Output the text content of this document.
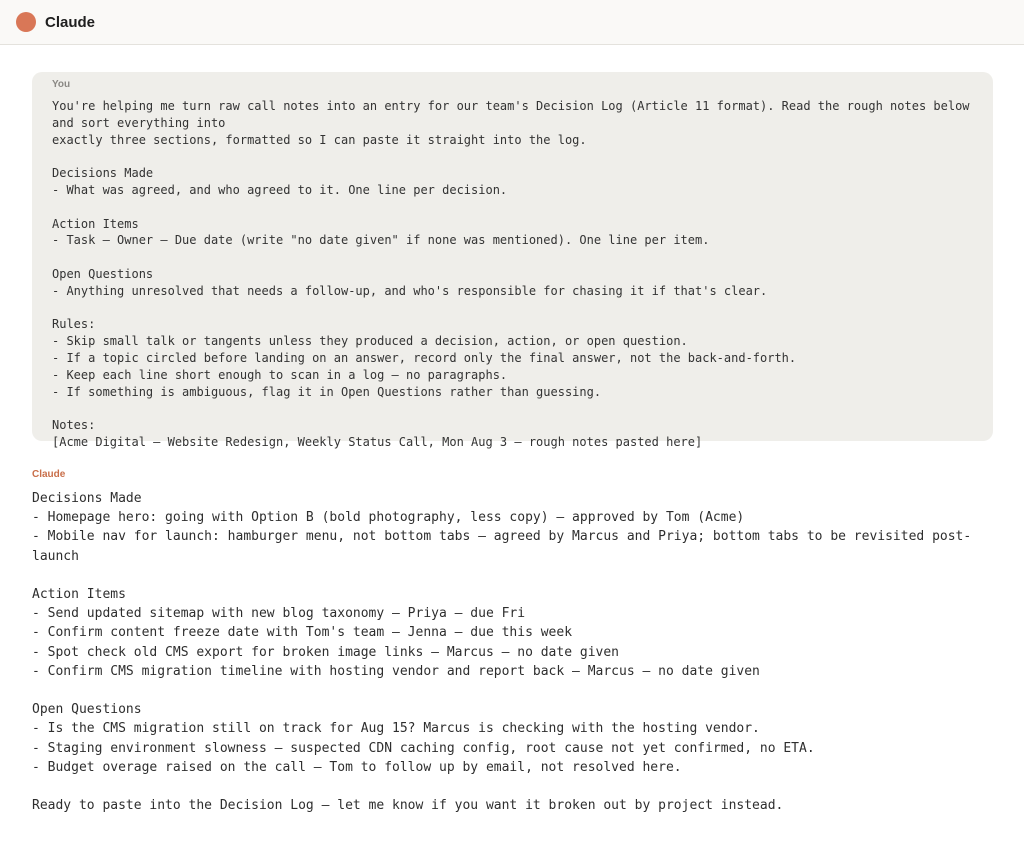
Claude
You
You're helping me turn raw call notes into an entry for our team's Decision Log (Article 11 format). Read the rough notes below and sort everything into
exactly three sections, formatted so I can paste it straight into the log.

Decisions Made
- What was agreed, and who agreed to it. One line per decision.

Action Items
- Task — Owner — Due date (write "no date given" if none was mentioned). One line per item.

Open Questions
- Anything unresolved that needs a follow-up, and who's responsible for chasing it if that's clear.

Rules:
- Skip small talk or tangents unless they produced a decision, action, or open question.
- If a topic circled before landing on an answer, record only the final answer, not the back-and-forth.
- Keep each line short enough to scan in a log — no paragraphs.
- If something is ambiguous, flag it in Open Questions rather than guessing.

Notes:
[Acme Digital – Website Redesign, Weekly Status Call, Mon Aug 3 — rough notes pasted here]
Claude
Decisions Made
- Homepage hero: going with Option B (bold photography, less copy) — approved by Tom (Acme)
- Mobile nav for launch: hamburger menu, not bottom tabs — agreed by Marcus and Priya; bottom tabs to be revisited post-launch

Action Items
- Send updated sitemap with new blog taxonomy — Priya — due Fri
- Confirm content freeze date with Tom's team — Jenna — due this week
- Spot check old CMS export for broken image links — Marcus — no date given
- Confirm CMS migration timeline with hosting vendor and report back — Marcus — no date given

Open Questions
- Is the CMS migration still on track for Aug 15? Marcus is checking with the hosting vendor.
- Staging environment slowness — suspected CDN caching config, root cause not yet confirmed, no ETA.
- Budget overage raised on the call — Tom to follow up by email, not resolved here.

Ready to paste into the Decision Log — let me know if you want it broken out by project instead.
